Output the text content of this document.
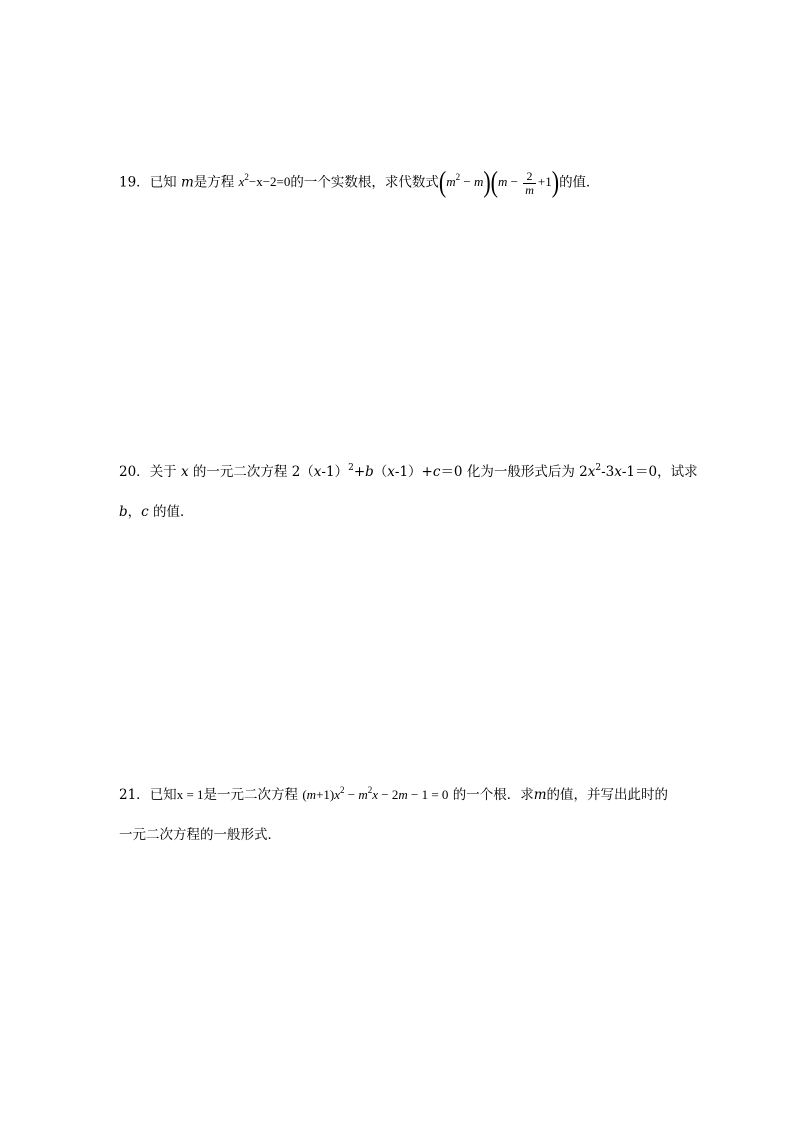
19．已知 m是方程 $x^2-x-2=0$的一个实数根，求代数式$(m^2 - m)(m - \frac{2}{m} +1)$的值．
20．关于 x 的一元二次方程 $2(x-1)^2+b(x-1)+c=0$ 化为一般形式后为 $2x^2-3x-1=0$，试求
b，c 的值．
21．已知x = 1是一元二次方程 $(m+1)x^2 - m^2x - 2m - 1 = 0$ 的一个根．求m的值，并写出此时的
一元二次方程的一般形式．
